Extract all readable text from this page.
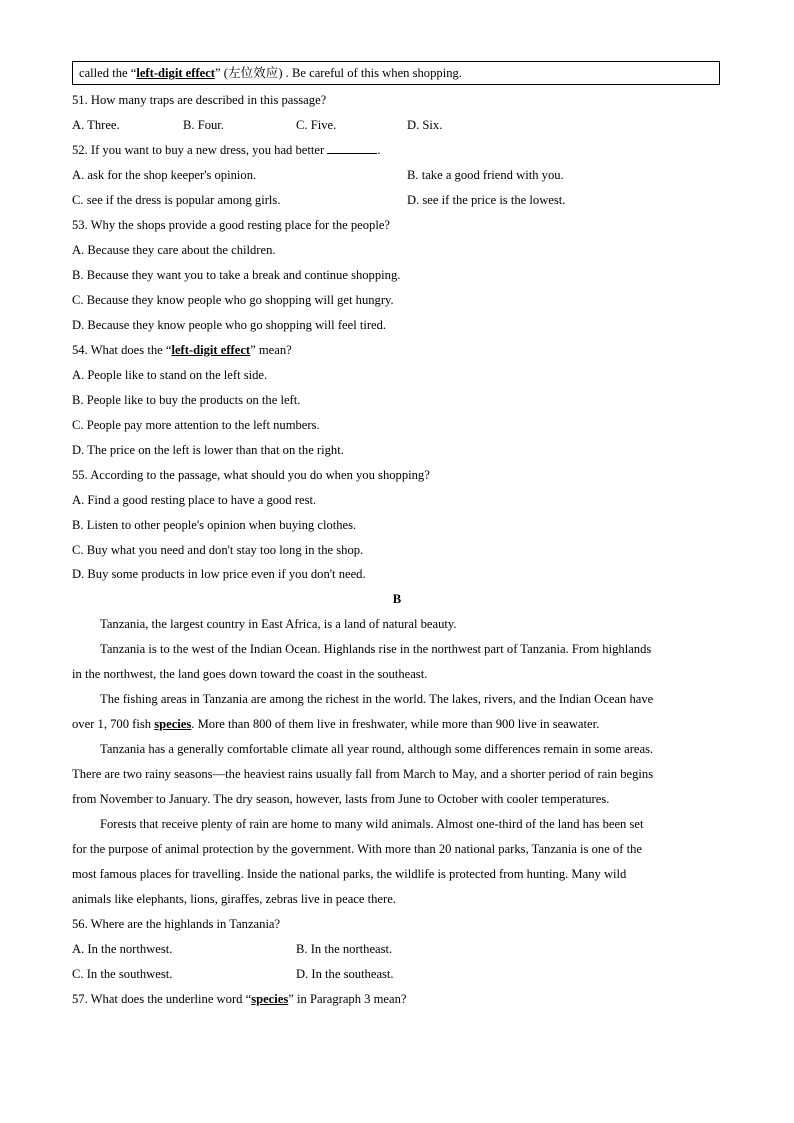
called the “left-digit effect” (左位效应) . Be careful of this when shopping.
51. How many traps are described in this passage?
A. Three.	B. Four.	C. Five.	D. Six.
52. If you want to buy a new dress, you had better	.
A. ask for the shop keeper's opinion.	B. take a good friend with you.
C. see if the dress is popular among girls.	D. see if the price is the lowest.
53. Why the shops provide a good resting place for the people?
A. Because they care about the children.
B. Because they want you to take a break and continue shopping.
C. Because they know people who go shopping will get hungry.
D. Because they know people who go shopping will feel tired.
54. What does the “left-digit effect” mean?
A. People like to stand on the left side.
B. People like to buy the products on the left.
C. People pay more attention to the left numbers.
D. The price on the left is lower than that on the right.
55. According to the passage, what should you do when you shopping?
A. Find a good resting place to have a good rest.
B. Listen to other people's opinion when buying clothes.
C. Buy what you need and don't stay too long in the shop.
D. Buy some products in low price even if you don't need.
B
Tanzania, the largest country in East Africa, is a land of natural beauty.
Tanzania is to the west of the Indian Ocean. Highlands rise in the northwest part of Tanzania. From highlands
in the northwest, the land goes down toward the coast in the southeast.
The fishing areas in Tanzania are among the richest in the world. The lakes, rivers, and the Indian Ocean have
over 1, 700 fish species. More than 800 of them live in freshwater, while more than 900 live in seawater.
Tanzania has a generally comfortable climate all year round, although some differences remain in some areas.
There are two rainy seasons—the heaviest rains usually fall from March to May, and a shorter period of rain begins
from November to January. The dry season, however, lasts from June to October with cooler temperatures.
Forests that receive plenty of rain are home to many wild animals. Almost one-third of the land has been set
for the purpose of animal protection by the government. With more than 20 national parks, Tanzania is one of the
most famous places for travelling. Inside the national parks, the wildlife is protected from hunting. Many wild
animals like elephants, lions, giraffes, zebras live in peace there.
56. Where are the highlands in Tanzania?
A. In the northwest.	B. In the northeast.
C. In the southwest.	D. In the southeast.
57. What does the underline word “species” in Paragraph 3 mean?
